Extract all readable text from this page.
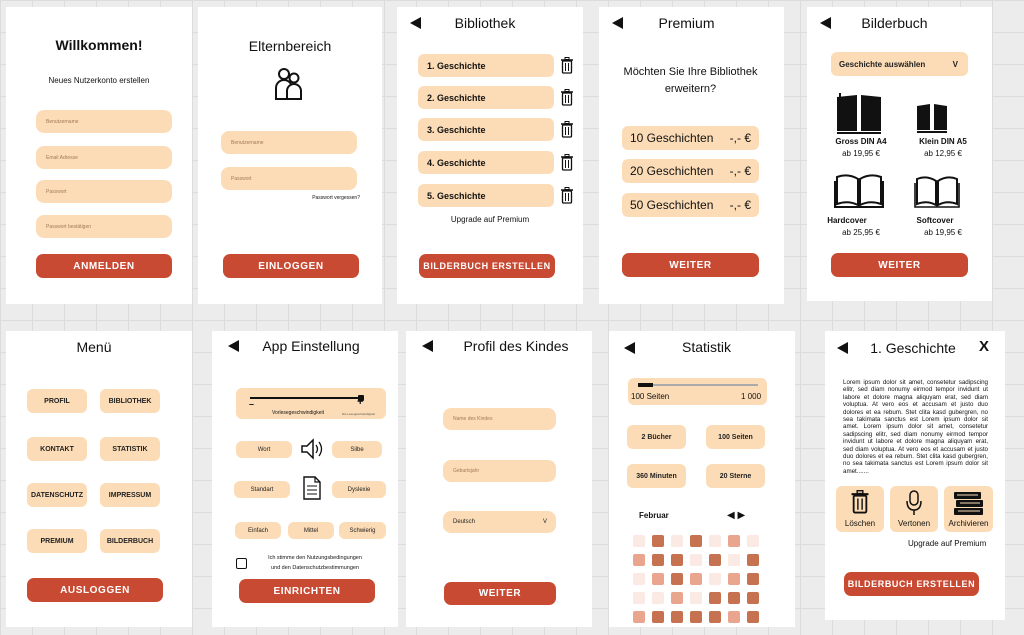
Willkommen!
Neues Nutzerkonto erstellen
Benutzername
Email Adresse
Passwort
Passwort bestätigen
ANMELDEN
Elternbereich
Benutzername
Passwort
Passwort vergessen?
EINLOGGEN
Bibliothek
1. Geschichte
2. Geschichte
3. Geschichte
4. Geschichte
5. Geschichte
Upgrade auf Premium
BILDERBUCH ERSTELLEN
Premium
Möchten Sie Ihre Bibliothek erweitern?
10 Geschichten -,- €
20 Geschichten -,- €
50 Geschichten -,- €
WEITER
Bilderbuch
Geschichte auswählen	V
Gross DIN A4
ab 19,95 €
Klein DIN A5
ab 12,95 €
Hardcover
ab 25,95 €
Softcover
ab 19,95 €
WEITER
Menü
PROFIL	BIBLIOTHEK
KONTAKT	STATISTIK
DATENSCHUTZ	IMPRESSUM
PREMIUM	BILDERBUCH
AUSLOGGEN
App Einstellung
–	+
Vorlesegeschwindigkeit	Die Lesegeschwindigkeit
Wort	Silbe
Standart	Dyslexie
Einfach	Mittel	Schwierig
Ich stimme den Nutzungsbedingungen
und den Datenschutzbestimmungen
EINRICHTEN
Profil des Kindes
Name des Kindes
Geburtsjahr
Deutsch	V
WEITER
Statistik
100 Seiten	1 000
2 Bücher	100 Seiten
360 Minuten	20 Sterne
Februar	◀ ▶
1. Geschichte	X
Lorem ipsum dolor sit amet, consetetur sadipscing elitr, sed diam nonumy eirmod tempor invidunt ut labore et dolore magna aliquyam erat, sed diam voluptua. At vero eos et accusam et justo duo dolores et ea rebum. Stet clita kasd gubergren, no sea takimata sanctus est Lorem ipsum dolor sit amet. Lorem ipsum dolor sit amet, consetetur sadipscing elitr, sed diam nonumy eirmod tempor invidunt ut labore et dolore magna aliquyam erat, sed diam voluptua. At vero eos et accusam et justo duo dolores et ea rebum. Stet clita kasd gubergren, no sea takimata sanctus est Lorem ipsum dolor sit amet.......
Löschen	Vertonen	Archivieren
Upgrade auf Premium
BILDERBUCH ERSTELLEN
